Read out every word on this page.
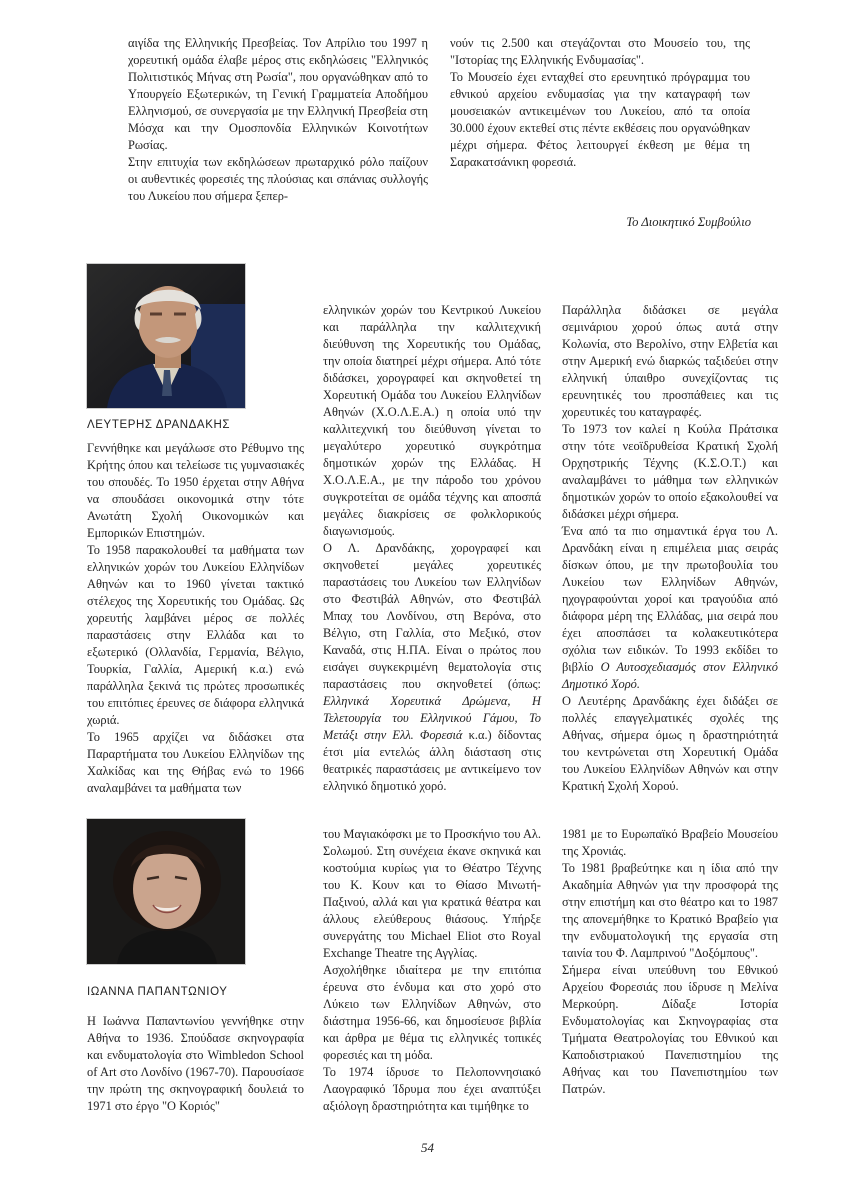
αιγίδα της Ελληνικής Πρεσβείας. Τον Απρίλιο του 1997 η χορευτική ομάδα έλαβε μέρος στις εκδηλώσεις "Ελληνικός Πολιτιστικός Μήνας στη Ρωσία", που οργανώθηκαν από το Υπουργείο Εξωτερικών, τη Γενική Γραμματεία Αποδήμου Ελληνισμού, σε συνεργασία με την Ελληνική Πρεσβεία στη Μόσχα και την Ομοσπονδία Ελληνικών Κοινοτήτων Ρωσίας.

Στην επιτυχία των εκδηλώσεων πρωταρχικό ρόλο παίζουν οι αυθεντικές φορεσιές της πλούσιας και σπάνιας συλλογής του Λυκείου που σήμερα ξεπερ-

νούν τις 2.500 και στεγάζονται στο Μουσείο του, της "Ιστορίας της Ελληνικής Ενδυμασίας".

Το Μουσείο έχει ενταχθεί στο ερευνητικό πρόγραμμα του εθνικού αρχείου ενδυμασίας για την καταγραφή των μουσειακών αντικειμένων του Λυκείου, από τα οποία 30.000 έχουν εκτεθεί στις πέντε εκθέσεις που οργανώθηκαν μέχρι σήμερα. Φέτος λειτουργεί έκθεση με θέμα τη Σαρακατσάνικη φορεσιά.

Το Διοικητικό Συμβούλιο
ΛΕΥΤΕΡΗΣ ΔΡΑΝΔΑΚΗΣ

Γεννήθηκε και μεγάλωσε στο Ρέθυμνο της Κρήτης όπου και τελείωσε τις γυμνασιακές του σπουδές. Το 1950 έρχεται στην Αθήνα να σπουδάσει οικονομικά στην τότε Ανωτάτη Σχολή Οικονομικών και Εμπορικών Επιστημών.

Το 1958 παρακολουθεί τα μαθήματα των ελληνικών χορών του Λυκείου Ελληνίδων Αθηνών και το 1960 γίνεται τακτικό στέλεχος της Χορευτικής του Ομάδας. Ως χορευτής λαμβάνει μέρος σε πολλές παραστάσεις στην Ελλάδα και το εξωτερικό (Ολλανδία, Γερμανία, Βέλγιο, Τουρκία, Γαλλία, Αμερική κ.α.) ενώ παράλληλα ξεκινά τις πρώτες προσωπικές του επιτόπιες έρευνες σε διάφορα ελληνικά χωριά.

Το 1965 αρχίζει να διδάσκει στα Παραρτήματα του Λυκείου Ελληνίδων της Χαλκίδας και της Θήβας ενώ το 1966 αναλαμβάνει τα μαθήματα των

ελληνικών χορών του Κεντρικού Λυκείου και παράλληλα την καλλιτεχνική διεύθυνση της Χορευτικής του Ομάδας, την οποία διατηρεί μέχρι σήμερα. Από τότε διδάσκει, χορογραφεί και σκηνοθετεί τη Χορευτική Ομάδα του Λυκείου Ελληνίδων Αθηνών (Χ.Ο.Λ.Ε.Α.) η οποία υπό την καλλιτεχνική του διεύθυνση γίνεται το μεγαλύτερο χορευτικό συγκρότημα δημοτικών χορών της Ελλάδας. Η Χ.Ο.Λ.Ε.Α., με την πάροδο του χρόνου συγκροτείται σε ομάδα τέχνης και αποσπά μεγάλες διακρίσεις σε φολκλορικούς διαγωνισμούς.

Ο Λ. Δρανδάκης, χορογραφεί και σκηνοθετεί μεγάλες χορευτικές παραστάσεις του Λυκείου των Ελληνίδων στο Φεστιβάλ Αθηνών, στο Φεστιβάλ Μπαχ του Λονδίνου, στη Βερόνα, στο Βέλγιο, στη Γαλλία, στο Μεξικό, στον Καναδά, στις Η.ΠΑ. Είναι ο πρώτος που εισάγει συγκεκριμένη θεματολογία στις παραστάσεις που σκηνοθετεί (όπως: Ελληνικά Χορευτικά Δρώμενα, Η Τελετουργία του Ελληνικού Γάμου, Το Μετάξι στην Ελλ. Φορεσιά κ.α.) δίδοντας έτσι μία εντελώς άλλη διάσταση στις θεατρικές παραστάσεις με αντικείμενο τον ελληνικό δημοτικό χορό.

Παράλληλα διδάσκει σε μεγάλα σεμινάριου χορού όπως αυτά στην Κολωνία, στο Βερολίνο, στην Ελβετία και στην Αμερική ενώ διαρκώς ταξιδεύει στην ελληνική ύπαιθρο συνεχίζοντας τις ερευνητικές του προσπάθειες και τις χορευτικές του καταγραφές.

Το 1973 τον καλεί η Κούλα Πράτσικα στην τότε νεοϊδρυθείσα Κρατική Σχολή Ορχηστρικής Τέχνης (Κ.Σ.Ο.Τ.) και αναλαμβάνει το μάθημα των ελληνικών δημοτικών χορών το οποίο εξακολουθεί να διδάσκει μέχρι σήμερα.

Ένα από τα πιο σημαντικά έργα του Λ. Δρανδάκη είναι η επιμέλεια μιας σειράς δίσκων όπου, με την πρωτοβουλία του Λυκείου των Ελληνίδων Αθηνών, ηχογραφούνται χοροί και τραγούδια από διάφορα μέρη της Ελλάδας, μια σειρά που έχει αποσπάσει τα κολακευτικότερα σχόλια των ειδικών. Το 1993 εκδίδει το βιβλίο Ο Αυτοσχεδιασμός στον Ελληνικό Δημοτικό Χορό.

Ο Λευτέρης Δρανδάκης έχει διδάξει σε πολλές επαγγελματικές σχολές της Αθήνας, σήμερα όμως η δραστηριότητά του κεντρώνεται στη Χορευτική Ομάδα του Λυκείου Ελληνίδων Αθηνών και στην Κρατική Σχολή Χορού.

ΙΩΑΝΝΑ ΠΑΠΑΝΤΩΝΙΟΥ

Η Ιωάννα Παπαντωνίου γεννήθηκε στην Αθήνα το 1936. Σπούδασε σκηνογραφία και ενδυματολογία στο Wimbledon School of Art στο Λονδίνο (1967-70). Παρουσίασε την πρώτη της σκηνογραφική δουλειά το 1971 στο έργο "Ο Κοριός"

του Μαγιακόφσκι με το Προσκήνιο του Αλ. Σολωμού. Στη συνέχεια έκανε σκηνικά και κοστούμια κυρίως για το Θέατρο Τέχνης του Κ. Κουν και το Θίασο Μινωτή-Παξινού, αλλά και για κρατικά θέατρα και άλλους ελεύθερους θιάσους. Υπήρξε συνεργάτης του Michael Eliot στο Royal Exchange Theatre της Αγγλίας.

Ασχολήθηκε ιδιαίτερα με την επιτόπια έρευνα στο ένδυμα και στο χορό στο Λύκειο των Ελληνίδων Αθηνών, στο διάστημα 1956-66, και δημοσίευσε βιβλία και άρθρα με θέμα τις ελληνικές τοπικές φορεσιές και τη μόδα.

Το 1974 ίδρυσε το Πελοποννησιακό Λαογραφικό Ίδρυμα που έχει αναπτύξει αξιόλογη δραστηριότητα και τιμήθηκε το

1981 με το Ευρωπαϊκό Βραβείο Μουσείου της Χρονιάς.

Το 1981 βραβεύτηκε και η ίδια από την Ακαδημία Αθηνών για την προσφορά της στην επιστήμη και στο θέατρο και το 1987 της απονεμήθηκε το Κρατικό Βραβείο για την ενδυματολογική της εργασία στη ταινία του Φ. Λαμπρινού "Δοξόμπους".

Σήμερα είναι υπεύθυνη του Εθνικού Αρχείου Φορεσιάς που ίδρυσε η Μελίνα Μερκούρη. Δίδαξε Ιστορία Ενδυματολογίας και Σκηνογραφίας στα Τμήματα Θεατρολογίας του Εθνικού και Καποδιστριακού Πανεπιστημίου της Αθήνας και του Πανεπιστημίου των Πατρών.

54
